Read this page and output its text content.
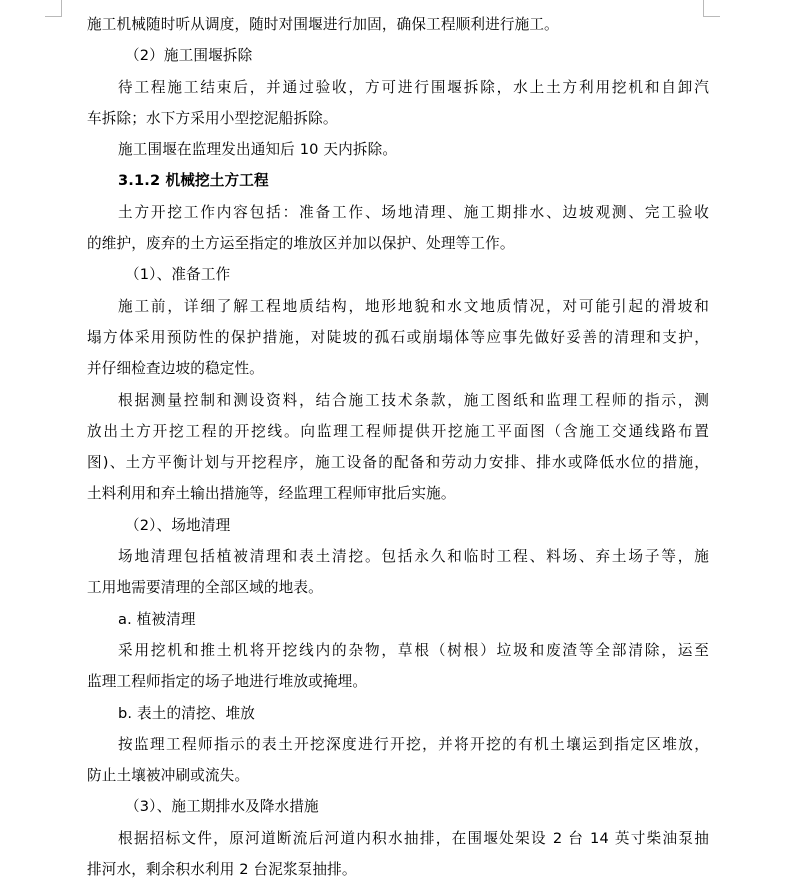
施工机械随时听从调度，随时对围堰进行加固，确保工程顺利进行施工。
（2）施工围堰拆除
待工程施工结束后，并通过验收，方可进行围堰拆除，水上土方利用挖机和自卸汽
车拆除；水下方采用小型挖泥船拆除。
施工围堰在监理发出通知后 10 天内拆除。
3.1.2 机械挖土方工程
土方开挖工作内容包括：准备工作、场地清理、施工期排水、边坡观测、完工验收
的维护，废弃的土方运至指定的堆放区并加以保护、处理等工作。
（1）、准备工作
施工前，详细了解工程地质结构，地形地貌和水文地质情况，对可能引起的滑坡和
塌方体采用预防性的保护措施，对陡坡的孤石或崩塌体等应事先做好妥善的清理和支护，
并仔细检查边坡的稳定性。
根据测量控制和测设资料，结合施工技术条款，施工图纸和监理工程师的指示，测
放出土方开挖工程的开挖线。向监理工程师提供开挖施工平面图（含施工交通线路布置
图)、土方平衡计划与开挖程序，施工设备的配备和劳动力安排、排水或降低水位的措施，
土料利用和弃土输出措施等，经监理工程师审批后实施。
（2）、场地清理
场地清理包括植被清理和表土清挖。包括永久和临时工程、料场、弃土场子等，施
工用地需要清理的全部区域的地表。
a. 植被清理
采用挖机和推土机将开挖线内的杂物，草根（树根）垃圾和废渣等全部清除，运至
监理工程师指定的场子地进行堆放或掩埋。
b. 表土的清挖、堆放
按监理工程师指示的表土开挖深度进行开挖，并将开挖的有机土壤运到指定区堆放，
防止土壤被冲刷或流失。
（3）、施工期排水及降水措施
根据招标文件，原河道断流后河道内积水抽排，在围堰处架设 2 台 14 英寸柴油泵抽
排河水，剩余积水利用 2 台泥浆泵抽排。
